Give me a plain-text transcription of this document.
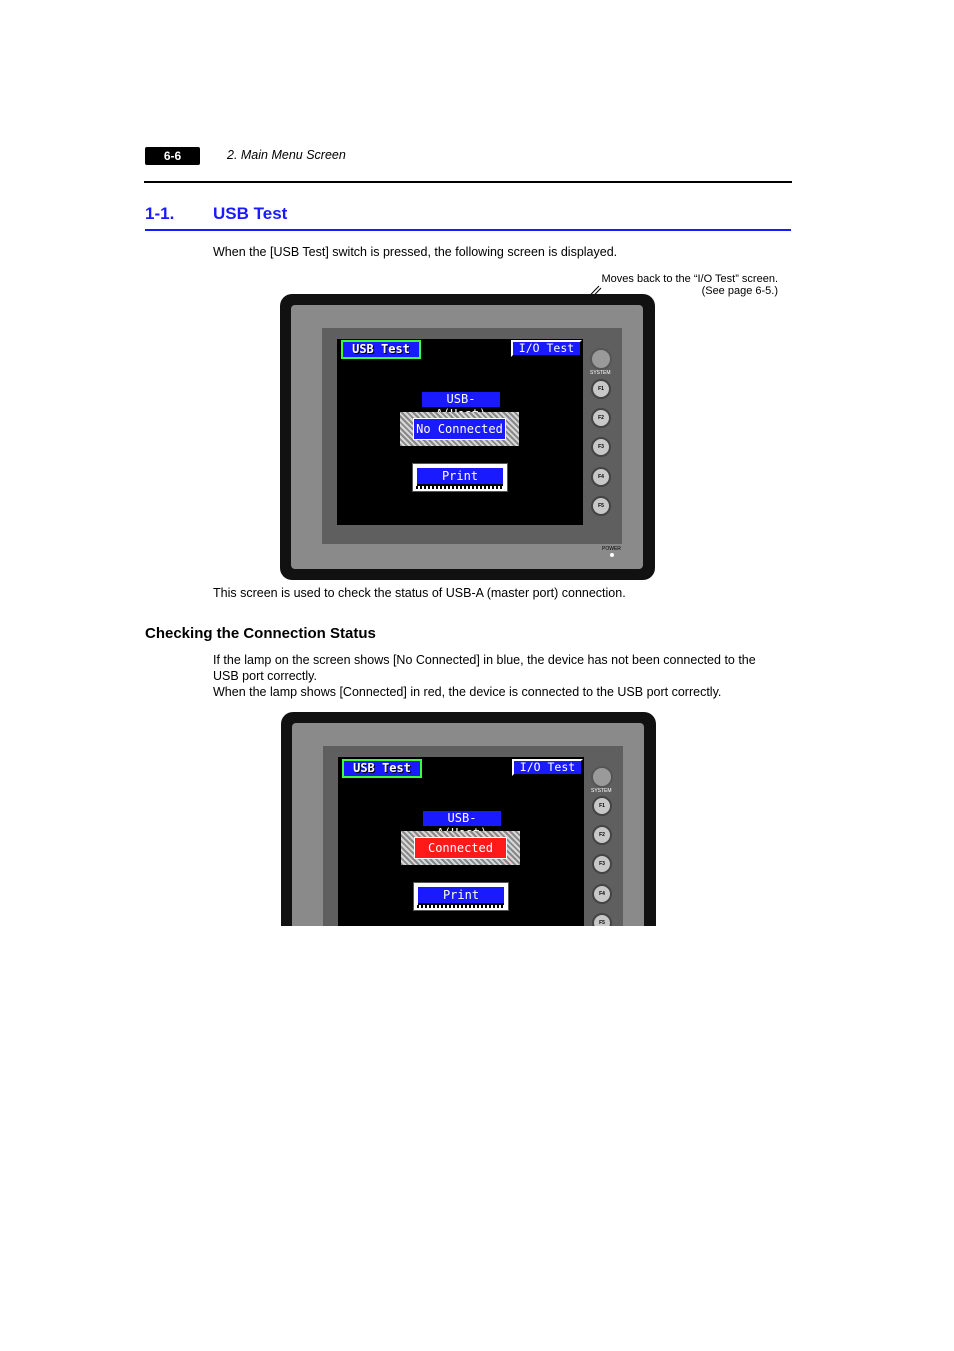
6-6	2. Main Menu Screen
1-1. USB Test
When the [USB Test] switch is pressed, the following screen is displayed.
Moves back to the “I/O Test” screen.
(See page 6-5.)
USB Test	I/O Test
USB-
No Connected
Print
SYSTEM
F1
F2
F3
F4
F5
POWER
This screen is used to check the status of USB-A (master port) connection.
Checking the Connection Status
If the lamp on the screen shows [No Connected] in blue, the device has not been connected to the
USB port correctly.
When the lamp shows [Connected] in red, the device is connected to the USB port correctly.
USB Test	I/O Test
USB-
Connected
Print
SYSTEM
F1
F2
F3
F4
F5
